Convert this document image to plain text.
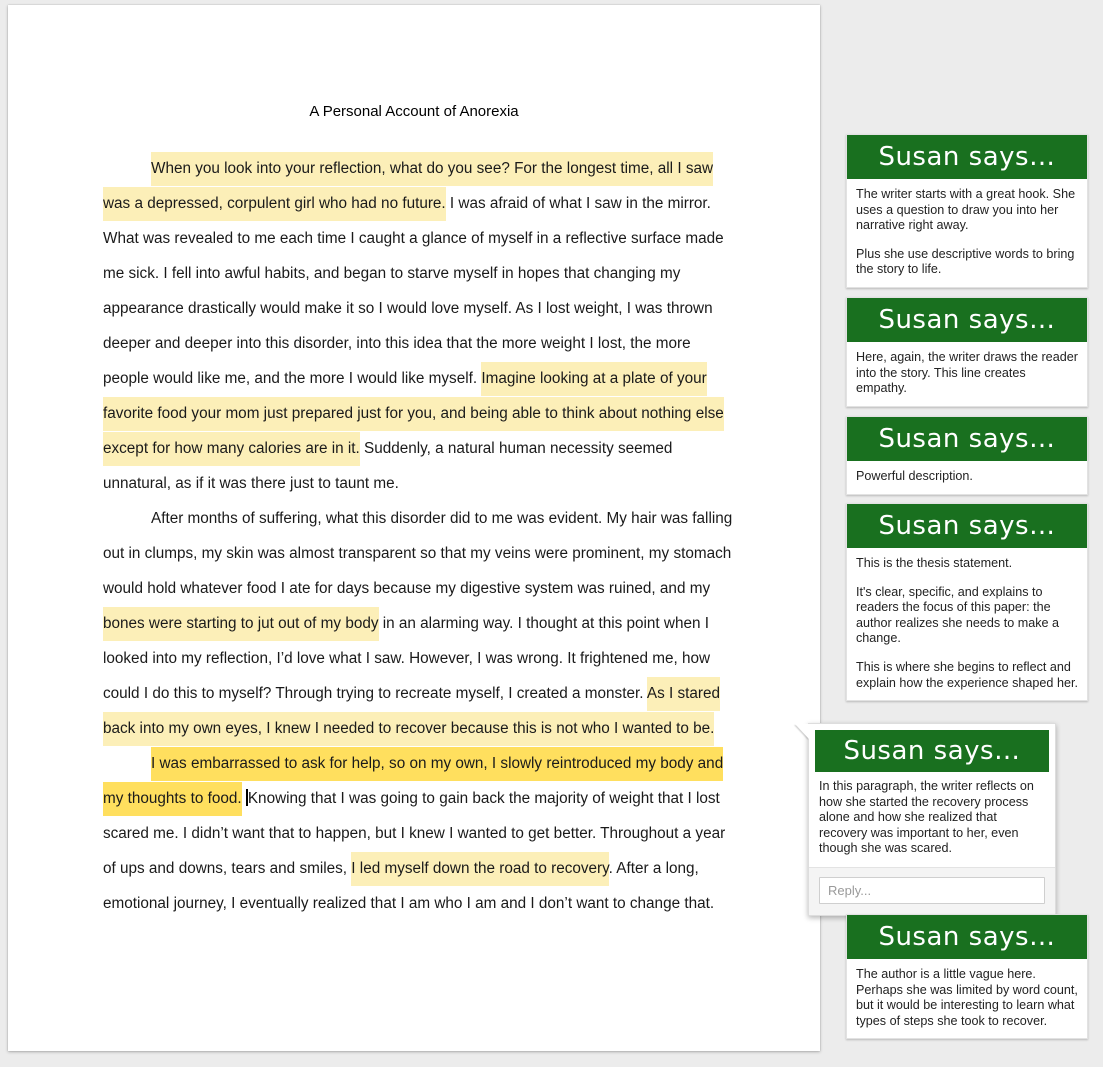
A Personal Account of Anorexia

When you look into your reflection, what do you see? For the longest time, all I saw was a depressed, corpulent girl who had no future. I was afraid of what I saw in the mirror. What was revealed to me each time I caught a glance of myself in a reflective surface made me sick. I fell into awful habits, and began to starve myself in hopes that changing my appearance drastically would make it so I would love myself. As I lost weight, I was thrown deeper and deeper into this disorder, into this idea that the more weight I lost, the more people would like me, and the more I would like myself. Imagine looking at a plate of your favorite food your mom just prepared just for you, and being able to think about nothing else except for how many calories are in it. Suddenly, a natural human necessity seemed unnatural, as if it was there just to taunt me.

After months of suffering, what this disorder did to me was evident. My hair was falling out in clumps, my skin was almost transparent so that my veins were prominent, my stomach would hold whatever food I ate for days because my digestive system was ruined, and my bones were starting to jut out of my body in an alarming way. I thought at this point when I looked into my reflection, I’d love what I saw. However, I was wrong. It frightened me, how could I do this to myself? Through trying to recreate myself, I created a monster. As I stared back into my own eyes, I knew I needed to recover because this is not who I wanted to be.

I was embarrassed to ask for help, so on my own, I slowly reintroduced my body and my thoughts to food. Knowing that I was going to gain back the majority of weight that I lost scared me. I didn’t want that to happen, but I knew I wanted to get better. Throughout a year of ups and downs, tears and smiles, I led myself down the road to recovery. After a long, emotional journey, I eventually realized that I am who I am and I don’t want to change that.

Susan says…

The writer starts with a great hook. She uses a question to draw you into her narrative right away.

Plus she use descriptive words to bring the story to life.

Susan says…

Here, again, the writer draws the reader into the story. This line creates empathy.

Susan says…

Powerful description.

Susan says…

This is the thesis statement.

It's clear, specific, and explains to readers the focus of this paper: the author realizes she needs to make a change.

This is where she begins to reflect and explain how the experience shaped her.

Susan says…

In this paragraph, the writer reflects on how she started the recovery process alone and how she realized that recovery was important to her, even though she was scared.

Reply...
Susan says…

The author is a little vague here. Perhaps she was limited by word count, but it would be interesting to learn what types of steps she took to recover.
